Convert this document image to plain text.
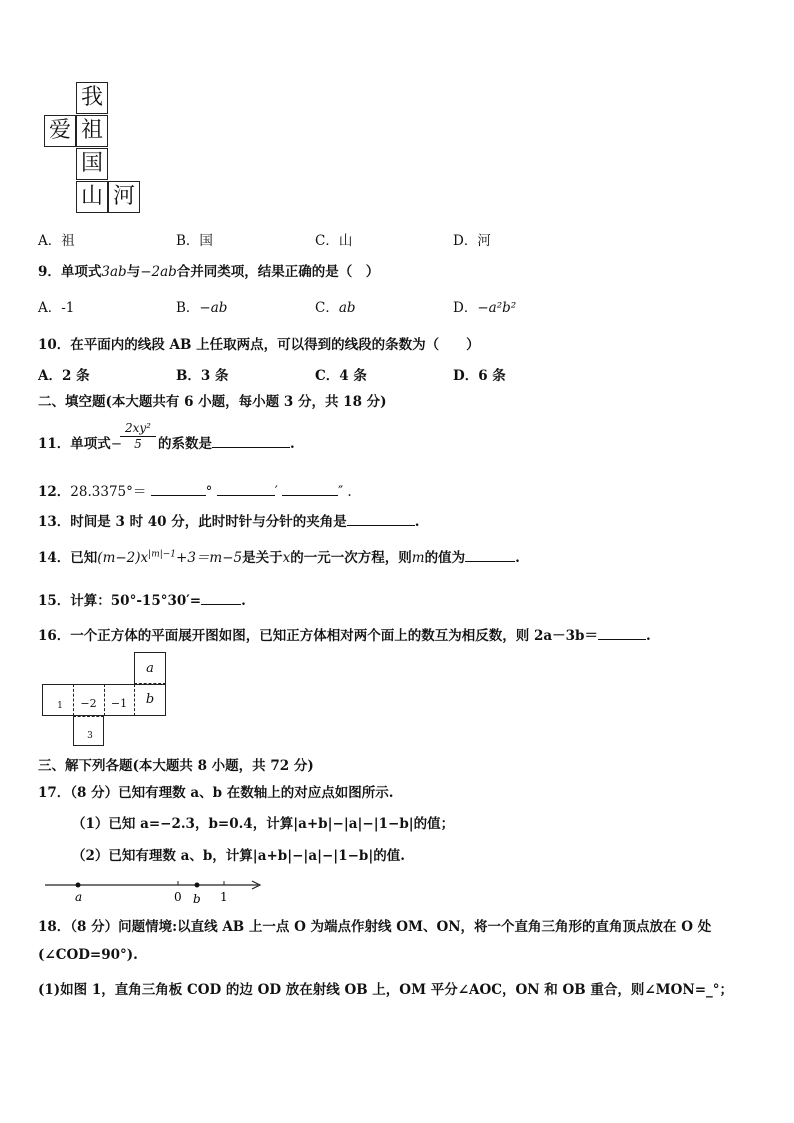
我
爱 祖
国
山 河
A．祖	B．国	C．山	D．河
9．单项式3ab与−2ab合并同类项，结果正确的是（　）
A．-1	B．−ab	C．ab	D．−a²b²
10．在平面内的线段 AB 上任取两点，可以得到的线段的条数为（　　）
A．2 条	B．3 条	C．4 条	D．6 条
二、填空题(本大题共有 6 小题，每小题 3 分，共 18 分)
11．单项式−
$\frac{\text{2xy²}}{5}$ 的系数是	.
12．28.3375°＝	°	′	″ .
13．时间是 3 时 40 分，此时时针与分针的夹角是	.
14．已知$(m-2)x^{|m|-1}+3=m-5$是关于x的一元一次方程，则m的值为	.
15．计算：50°-15°30′=	.
16．一个正方体的平面展开图如图，已知正方体相对两个面上的数互为相反数，则 2a－3b＝	.
a
b
1	−2	−1
3
三、解下列各题(本大题共 8 小题，共 72 分)
17．（8 分）已知有理数 a、b 在数轴上的对应点如图所示.
（1）已知 a=−2.3，b=0.4，计算|a+b|−|a|−|1−b|的值；
（2）已知有理数 a、b，计算|a+b|−|a|−|1−b|的值.
a	0 b 1
18．（8 分）问题情境:以直线 AB 上一点 O 为端点作射线 OM、ON，将一个直角三角形的直角顶点放在 O 处
(∠COD=90°).
(1)如图 1，直角三角板 COD 的边 OD 放在射线 OB 上，OM 平分∠AOC，ON 和 OB 重合，则∠MON=_°；
